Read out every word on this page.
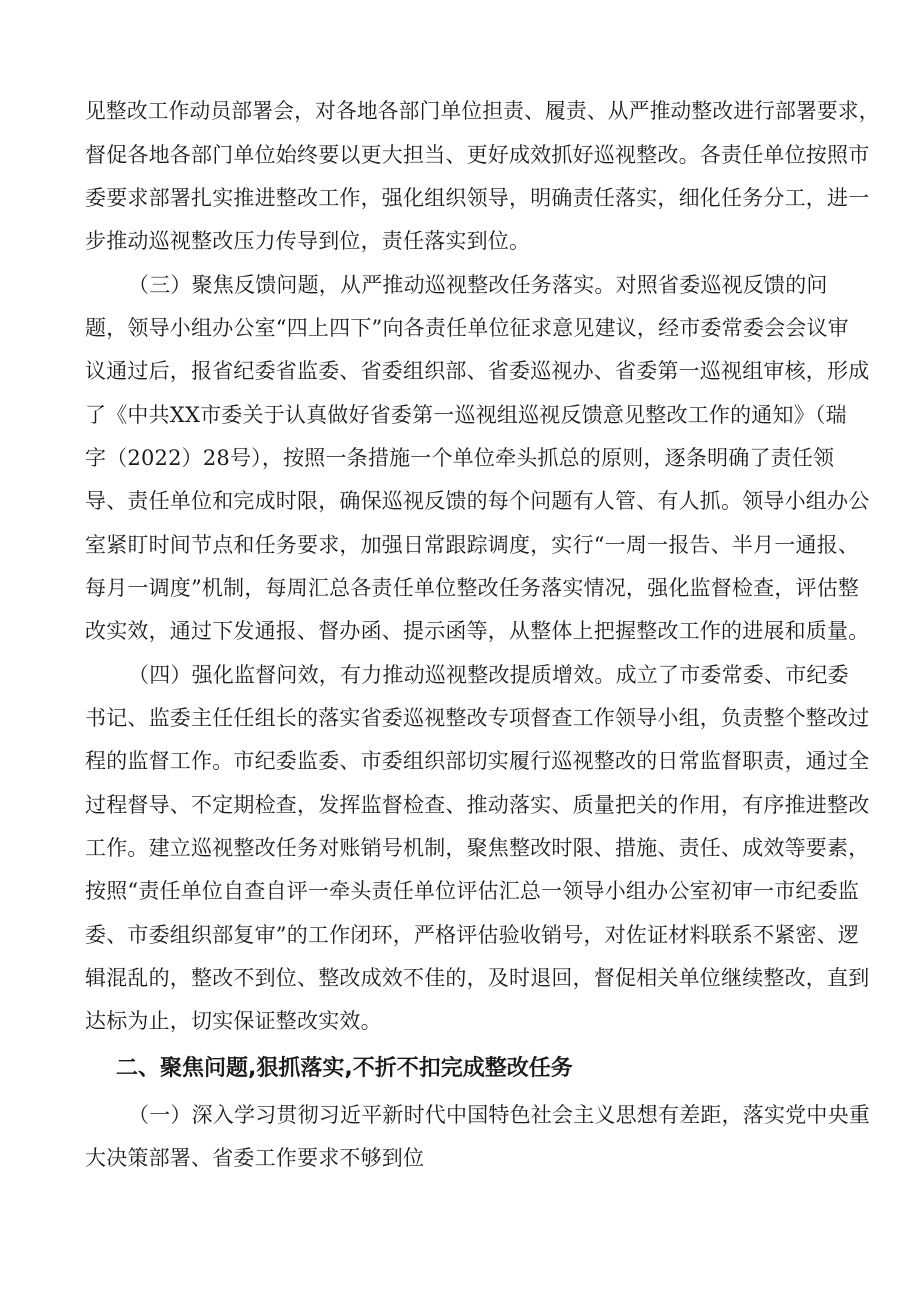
见整改工作动员部署会，对各地各部门单位担责、履责、从严推动整改进行部署要求，
督促各地各部门单位始终要以更大担当、更好成效抓好巡视整改。各责任单位按照市
委要求部署扎实推进整改工作，强化组织领导，明确责任落实，细化任务分工，进一
步推动巡视整改压力传导到位，责任落实到位。
（三）聚焦反馈问题，从严推动巡视整改任务落实。对照省委巡视反馈的问
题，领导小组办公室“四上四下”向各责任单位征求意见建议，经市委常委会会议审
议通过后，报省纪委省监委、省委组织部、省委巡视办、省委第一巡视组审核，形成
了《中共XX市委关于认真做好省委第一巡视组巡视反馈意见整改工作的通知》（瑞
字（2022）28号），按照一条措施一个单位牵头抓总的原则，逐条明确了责任领
导、责任单位和完成时限，确保巡视反馈的每个问题有人管、有人抓。领导小组办公
室紧盯时间节点和任务要求，加强日常跟踪调度，实行“一周一报告、半月一通报、
每月一调度”机制，每周汇总各责任单位整改任务落实情况，强化监督检查，评估整
改实效，通过下发通报、督办函、提示函等，从整体上把握整改工作的进展和质量。
（四）强化监督问效，有力推动巡视整改提质增效。成立了市委常委、市纪委
书记、监委主任任组长的落实省委巡视整改专项督查工作领导小组，负责整个整改过
程的监督工作。市纪委监委、市委组织部切实履行巡视整改的日常监督职责，通过全
过程督导、不定期检查，发挥监督检查、推动落实、质量把关的作用，有序推进整改
工作。建立巡视整改任务对账销号机制，聚焦整改时限、措施、责任、成效等要素，
按照“责任单位自查自评一牵头责任单位评估汇总一领导小组办公室初审一市纪委监
委、市委组织部复审”的工作闭环，严格评估验收销号，对佐证材料联系不紧密、逻
辑混乱的，整改不到位、整改成效不佳的，及时退回，督促相关单位继续整改，直到
达标为止，切实保证整改实效。
二、聚焦问题,狠抓落实,不折不扣完成整改任务
（一）深入学习贯彻习近平新时代中国特色社会主义思想有差距，落实党中央重
大决策部署、省委工作要求不够到位
